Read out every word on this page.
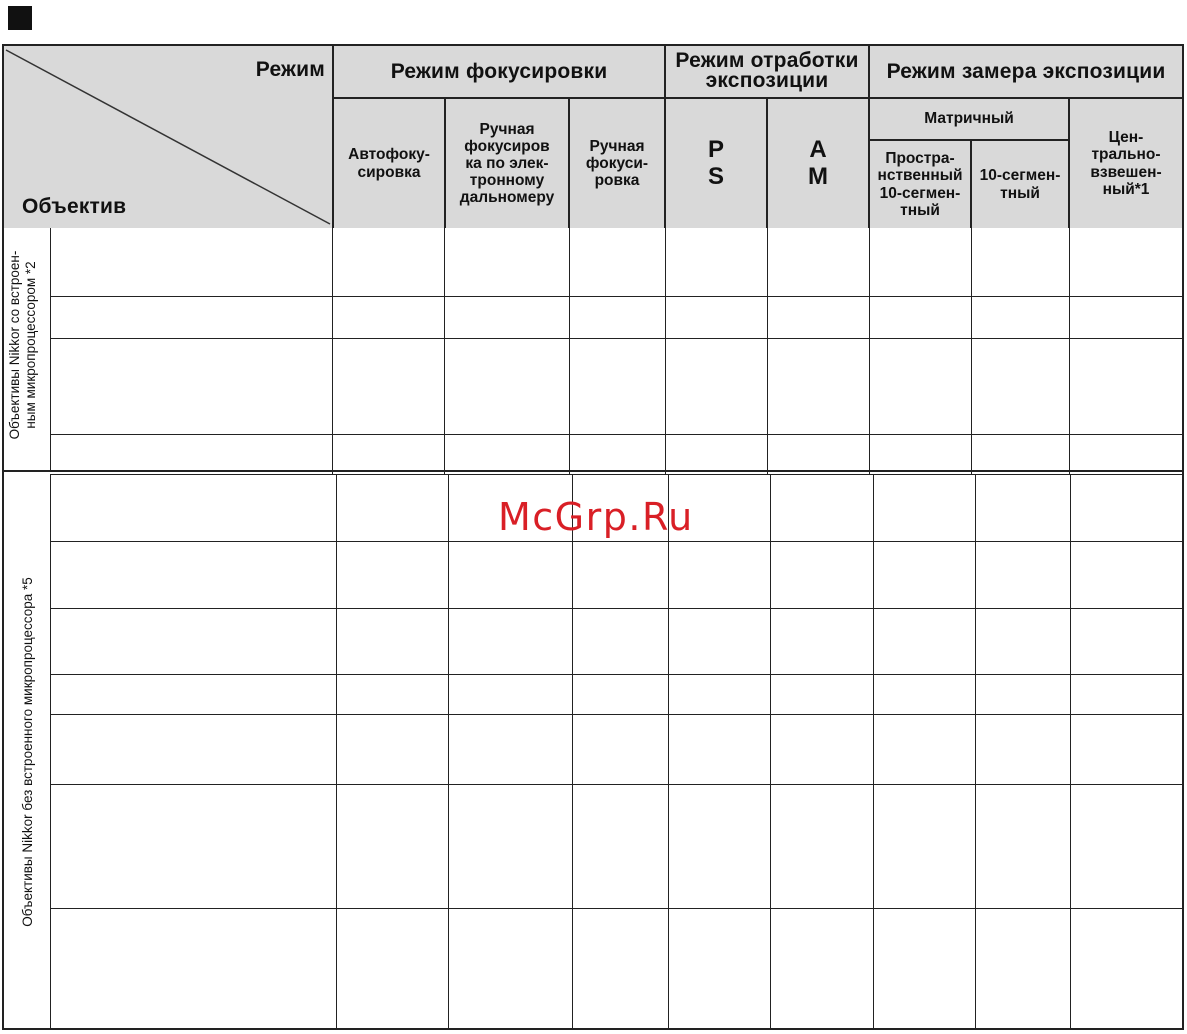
Режим
Объектив
Режим фокусировки	Режим отработки
экспозиции	Режим замера экспозиции
Автофоку-
сировка
Ручная
фокусиров
ка по элек-
тронному
дальномеру
Ручная
фокуси-
ровка
P
S
A
M
Матричный
Простра-
нственный
10-сегмен-
тный
10-сегмен-
тный
Цен-
трально-
взвешен-
ный*1
Объективы Nikkor со встроен-
ным микропроцессором *2
Объективы Nikkor без встроенного микропроцессора *5
McGrp.Ru
